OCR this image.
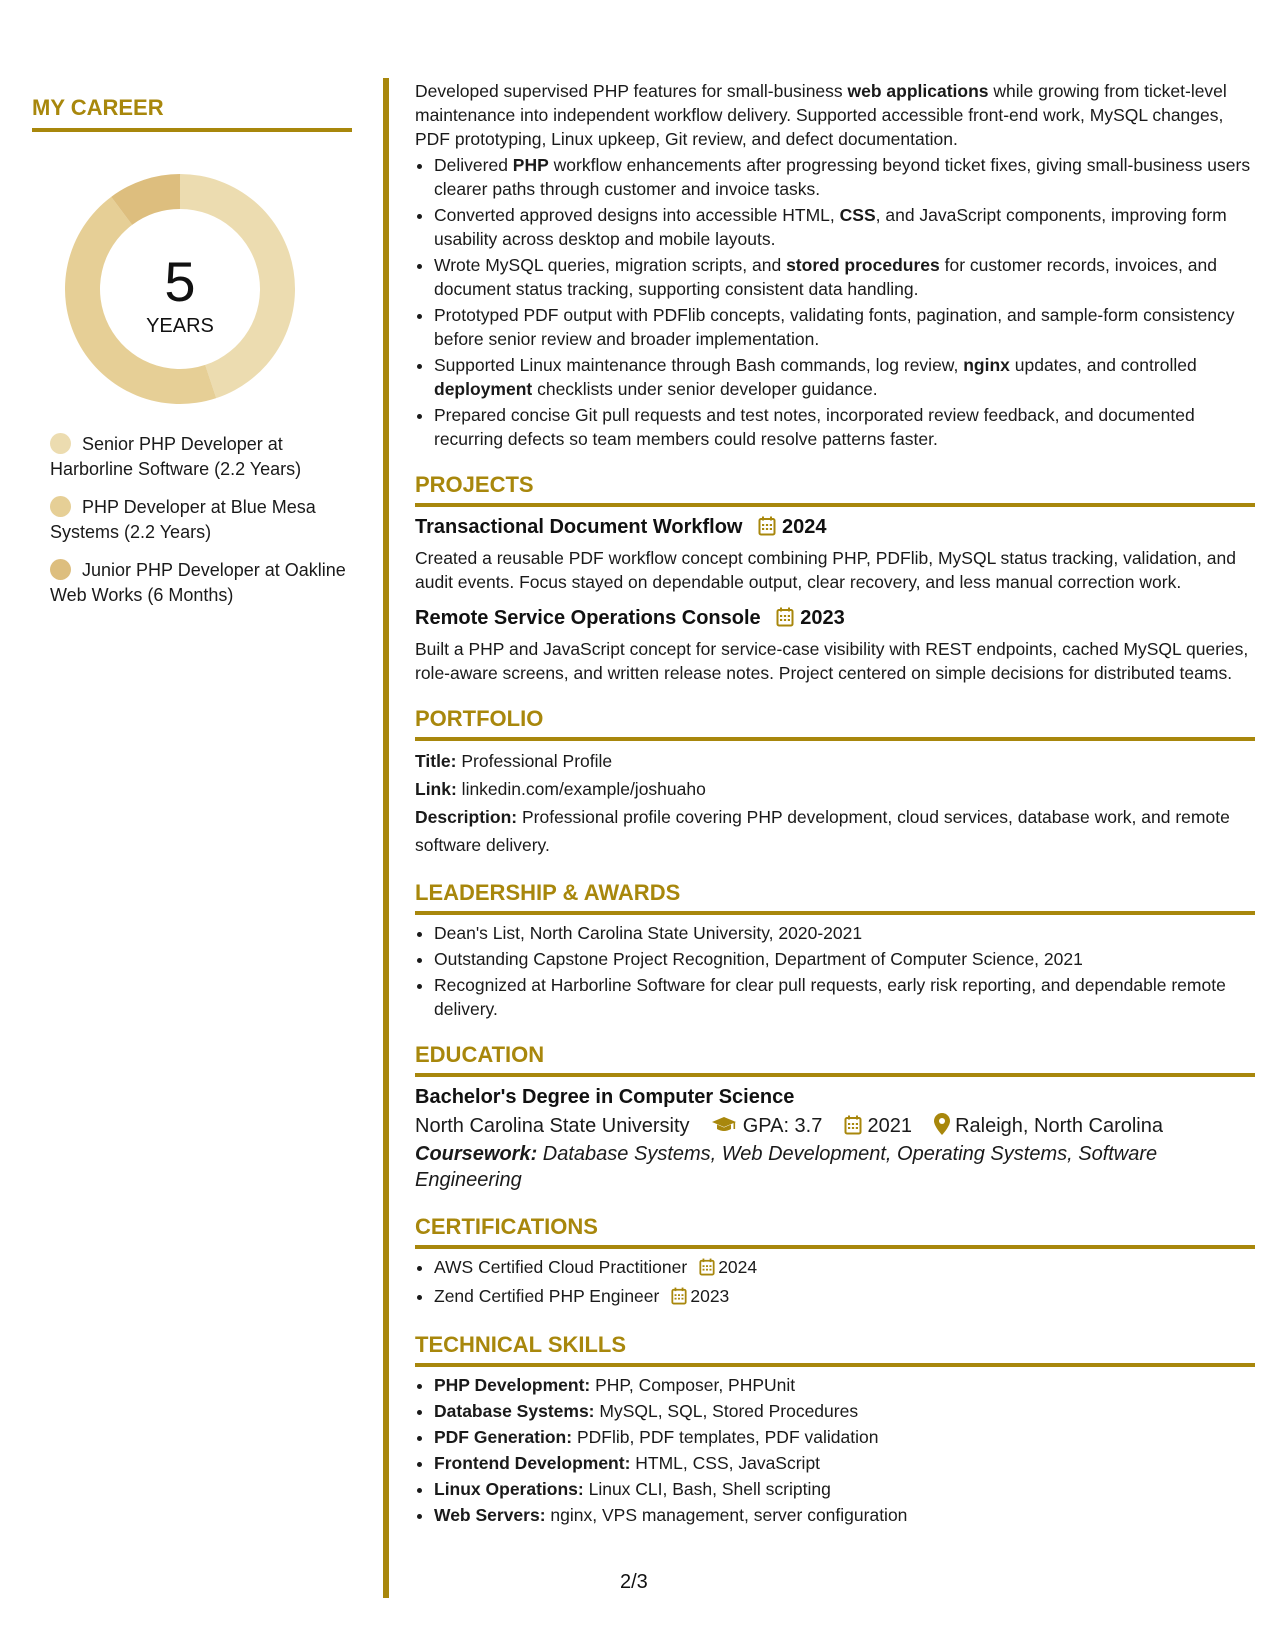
MY CAREER
5
YEARS
Senior PHP Developer at Harborline Software (2.2 Years)
PHP Developer at Blue Mesa Systems (2.2 Years)
Junior PHP Developer at Oakline Web Works (6 Months)

Developed supervised PHP features for small-business web applications while growing from ticket-level maintenance into independent workflow delivery. Supported accessible front-end work, MySQL changes, PDF prototyping, Linux upkeep, Git review, and defect documentation.

• Delivered PHP workflow enhancements after progressing beyond ticket fixes, giving small-business users clearer paths through customer and invoice tasks.
• Converted approved designs into accessible HTML, CSS, and JavaScript components, improving form usability across desktop and mobile layouts.
• Wrote MySQL queries, migration scripts, and stored procedures for customer records, invoices, and document status tracking, supporting consistent data handling.
• Prototyped PDF output with PDFlib concepts, validating fonts, pagination, and sample-form consistency before senior review and broader implementation.
• Supported Linux maintenance through Bash commands, log review, nginx updates, and controlled deployment checklists under senior developer guidance.
• Prepared concise Git pull requests and test notes, incorporated review feedback, and documented recurring defects so team members could resolve patterns faster.
PROJECTS
Transactional Document Workflow 2024

Created a reusable PDF workflow concept combining PHP, PDFlib, MySQL status tracking, validation, and audit events. Focus stayed on dependable output, clear recovery, and less manual correction work.

Remote Service Operations Console 2023

Built a PHP and JavaScript concept for service-case visibility with REST endpoints, cached MySQL queries, role-aware screens, and written release notes. Project centered on simple decisions for distributed teams.

PORTFOLIO
Title: Professional Profile
Link: linkedin.com/example/joshuaho
Description: Professional profile covering PHP development, cloud services, database work, and remote software delivery.
LEADERSHIP & AWARDS
• Dean's List, North Carolina State University, 2020-2021
• Outstanding Capstone Project Recognition, Department of Computer Science, 2021
• Recognized at Harborline Software for clear pull requests, early risk reporting, and dependable remote delivery.
EDUCATION
Bachelor's Degree in Computer Science
North Carolina State University	GPA: 3.7 2021 Raleigh, North Carolina
Coursework: Database Systems, Web Development, Operating Systems, Software Engineering
CERTIFICATIONS
• AWS Certified Cloud Practitioner 2024
• Zend Certified PHP Engineer 2023
TECHNICAL SKILLS
• PHP Development: PHP, Composer, PHPUnit
• Database Systems: MySQL, SQL, Stored Procedures
• PDF Generation: PDFlib, PDF templates, PDF validation
• Frontend Development: HTML, CSS, JavaScript
• Linux Operations: Linux CLI, Bash, Shell scripting
• Web Servers: nginx, VPS management, server configuration
2/3
